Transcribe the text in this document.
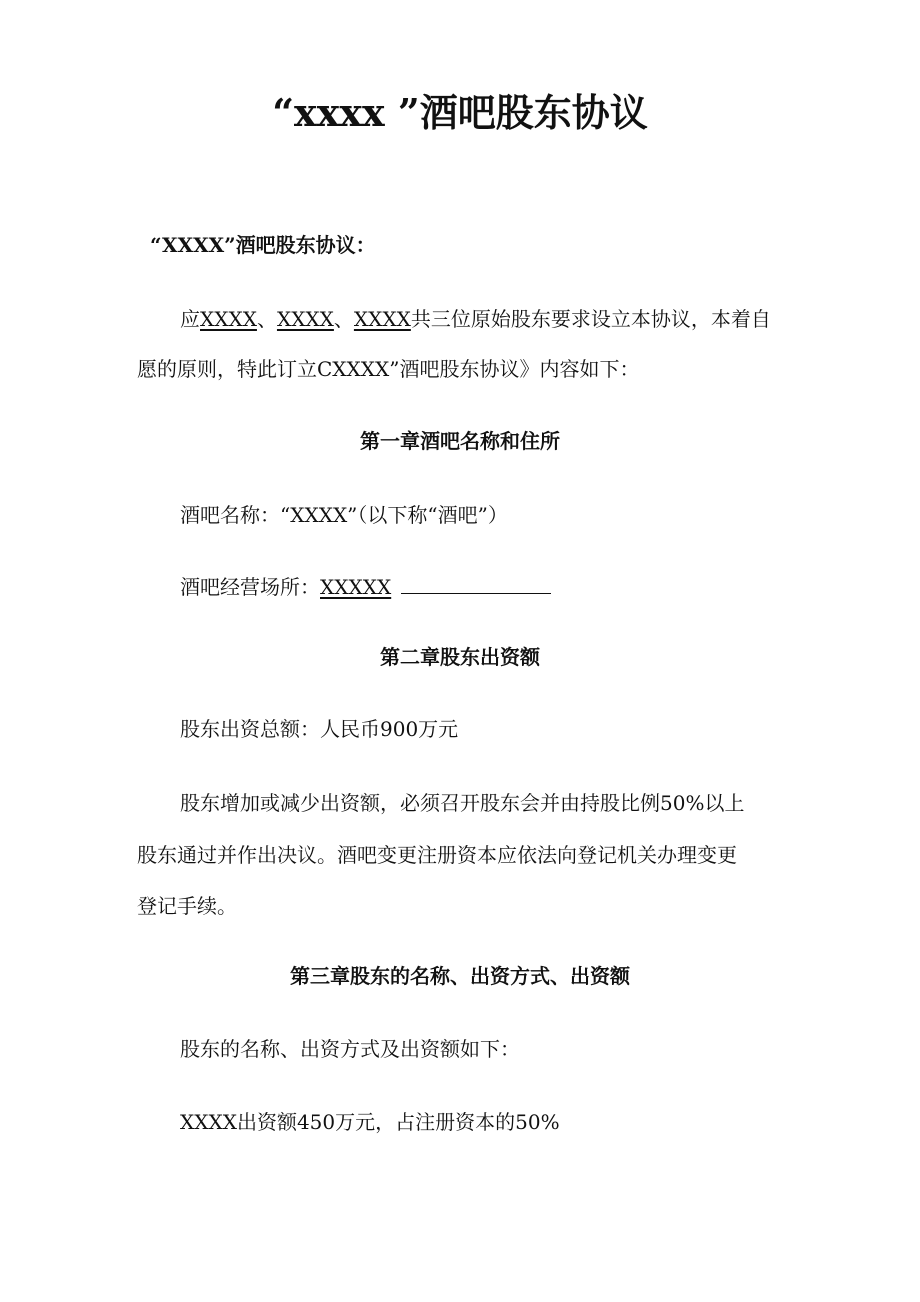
“xxxx ”酒吧股东协议

“XXXX”酒吧股东协议：

应XXXX、XXXX、XXXX共三位原始股东要求设立本协议，本着自

愿的原则，特此订立CXXXX”酒吧股东协议》内容如下：

第一章酒吧名称和住所

酒吧名称：“XXXX”（以下称“酒吧”）

酒吧经营场所：XXXXX

第二章股东出资额

股东出资总额：人民币900万元

股东增加或减少出资额，必须召开股东会并由持股比例50%以上

股东通过并作出决议。酒吧变更注册资本应依法向登记机关办理变更

登记手续。

第三章股东的名称、出资方式、出资额

股东的名称、出资方式及出资额如下：

XXXX出资额450万元，占注册资本的50%
